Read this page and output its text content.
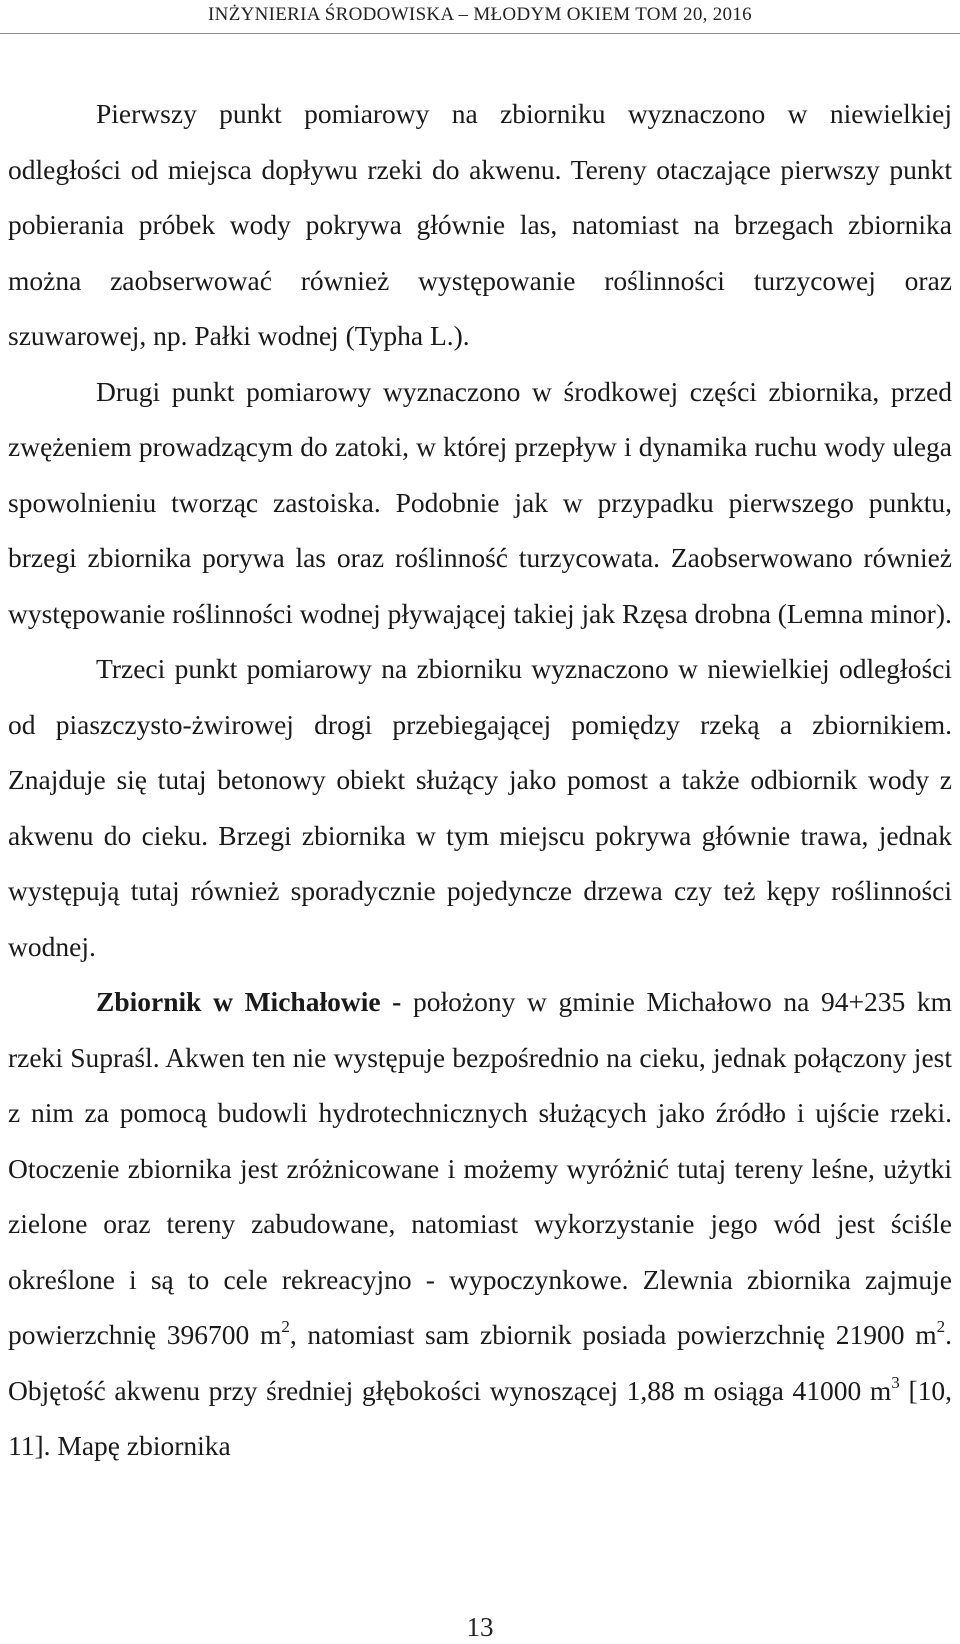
INŻYNIERIA ŚRODOWISKA – MŁODYM OKIEM TOM 20, 2016

Pierwszy punkt pomiarowy na zbiorniku wyznaczono w niewielkiej odległości od miejsca dopływu rzeki do akwenu. Tereny otaczające pierwszy punkt pobierania próbek wody pokrywa głównie las, natomiast na brzegach zbiornika można zaobserwować również występowanie roślinności turzycowej oraz szuwarowej, np. Pałki wodnej (Typha L.).

Drugi punkt pomiarowy wyznaczono w środkowej części zbiornika, przed zwężeniem prowadzącym do zatoki, w której przepływ i dynamika ruchu wody ulega spowolnieniu tworząc zastoiska. Podobnie jak w przypadku pierwszego punktu, brzegi zbiornika porywa las oraz roślinność turzycowata. Zaobserwowano również występowanie roślinności wodnej pływającej takiej jak Rzęsa drobna (Lemna minor).

Trzeci punkt pomiarowy na zbiorniku wyznaczono w niewielkiej odległości od piaszczysto-żwirowej drogi przebiegającej pomiędzy rzeką a zbiornikiem. Znajduje się tutaj betonowy obiekt służący jako pomost a także odbiornik wody z akwenu do cieku. Brzegi zbiornika w tym miejscu pokrywa głównie trawa, jednak występują tutaj również sporadycznie pojedyncze drzewa czy też kępy roślinności wodnej.

Zbiornik w Michałowie - położony w gminie Michałowo na 94+235 km rzeki Supraśl. Akwen ten nie występuje bezpośrednio na cieku, jednak połączony jest z nim za pomocą budowli hydrotechnicznych służących jako źródło i ujście rzeki. Otoczenie zbiornika jest zróżnicowane i możemy wyróżnić tutaj tereny leśne, użytki zielone oraz tereny zabudowane, natomiast wykorzystanie jego wód jest ściśle określone i są to cele rekreacyjno - wypoczynkowe. Zlewnia zbiornika zajmuje powierzchnię 396700 $m^2$, natomiast sam zbiornik posiada powierzchnię 21900 $m^2$. Objętość akwenu przy średniej głębokości wynoszącej 1,88 m osiąga 41000 $m^3$ [10, 11]. Mapę zbiornika

13
